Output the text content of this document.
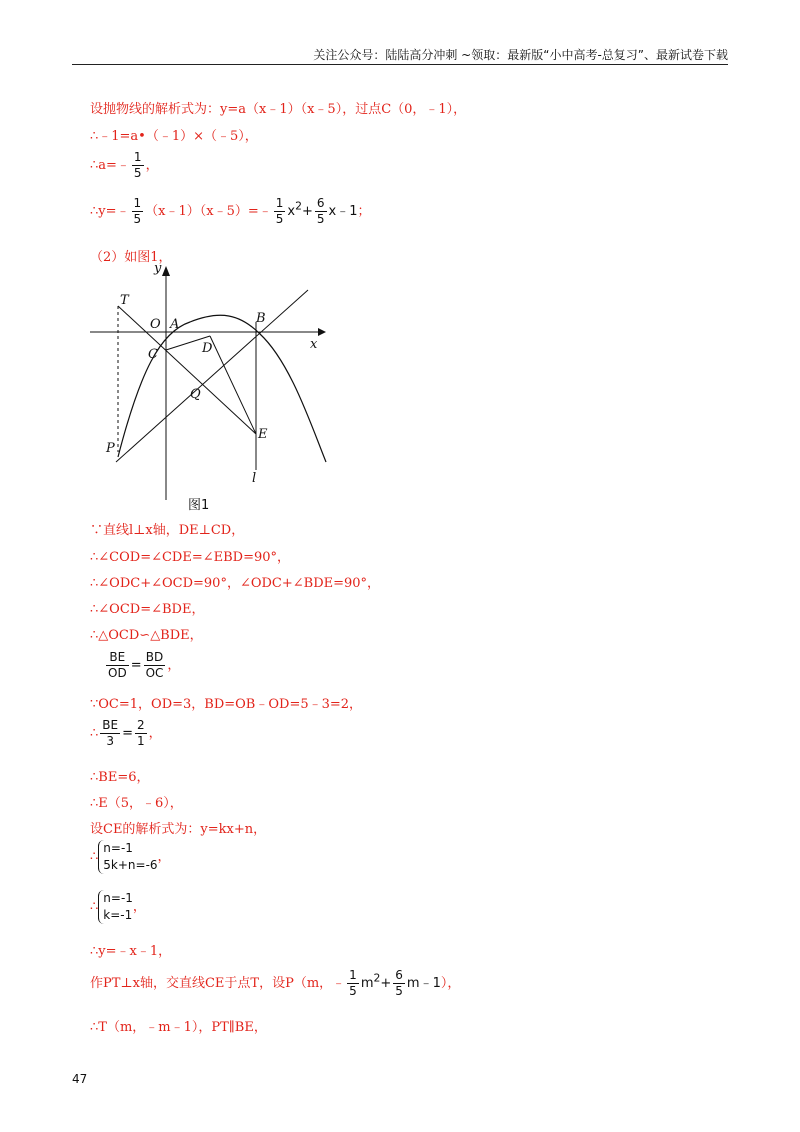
关注公众号：陆陆高分冲刺 ~领取：最新版“小中高考-总复习”、最新试卷下载
设抛物线的解析式为：y=a（x﹣1）（x﹣5），过点C（0，﹣1），
∴﹣1=a•（﹣1）×（﹣5），
∴a=﹣ $\frac{1}{5}$ ，
∴y=﹣ $\frac{1}{5}$ （x﹣1）（x﹣5）=﹣ $\frac{1}{5} x^2+ \frac{6}{5}$ x﹣1；
（2）如图1，
y
x
T
O A	B
C	D
Q
P
E
l
图1
∵直线l⊥x轴，DE⊥CD，
∴∠COD=∠CDE=∠EBD=90°，
∴∠ODC+∠OCD=90°，∠ODC+∠BDE=90°，
∴∠OCD=∠BDE，
∴△OCD∽△BDE，
$\frac{BE}{OD} = \frac{BD}{OC}$ ，
∵OC=1，OD=3，BD=OB﹣OD=5﹣3=2，
∴ $\frac{BE}{3} = \frac{2}{1}$ ，
∴BE=6，
∴E（5，﹣6），
设CE的解析式为：y=kx+n，
∴
n=-1
5k+n=-6
，
∴
n=-1
k=-1
，
∴y=﹣x﹣1，
作PT⊥x轴，交直线CE于点T，设P（m，﹣ $\frac{1}{5} m^2+ \frac{6}{5}$ m﹣1），
∴T（m，﹣m﹣1），PT∥BE，
47
